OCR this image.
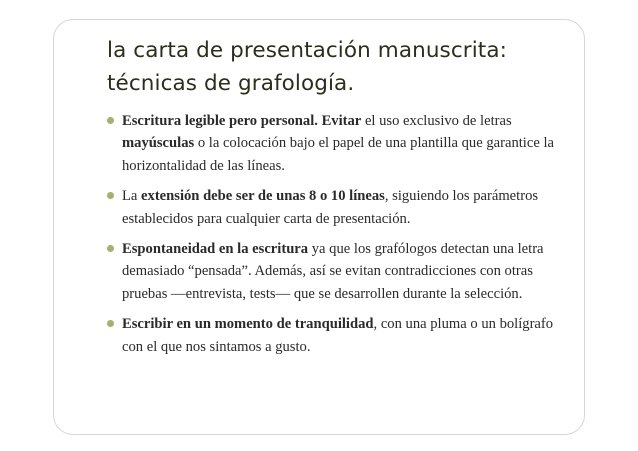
la carta de presentación manuscrita:
técnicas de grafología.
Escritura legible pero personal. Evitar el uso exclusivo de letras mayúsculas o la colocación bajo el papel de una plantilla que garantice la horizontalidad de las líneas.
La extensión debe ser de unas 8 o 10 líneas, siguiendo los parámetros establecidos para cualquier carta de presentación.
Espontaneidad en la escritura ya que los grafólogos detectan una letra demasiado “pensada”. Además, así se evitan contradicciones con otras pruebas —entrevista, tests— que se desarrollen durante la selección.
Escribir en un momento de tranquilidad, con una pluma o un bolígrafo con el que nos sintamos a gusto.
